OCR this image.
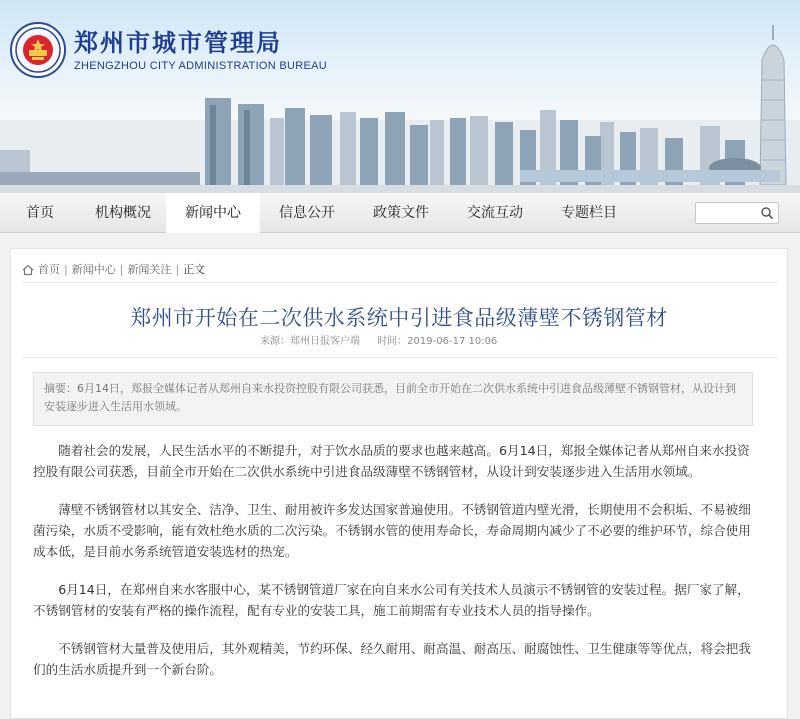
郑州市城市管理局
ZHENGZHOU CITY ADMINISTRATION BUREAU
首页	机构概况	新闻中心	信息公开	政策文件	交流互动	专题栏目
首页 | 新闻中心 | 新闻关注 | 正文
郑州市开始在二次供水系统中引进食品级薄壁不锈钢管材
来源：郑州日报客户端 时间：2019-06-17 10:06
摘要：6月14日，郑报全媒体记者从郑州自来水投资控股有限公司获悉，目前全市开始在二次供水系统中引进食品级薄壁不锈钢管材，从设计到安装逐步进入生活用水领域。

随着社会的发展，人民生活水平的不断提升，对于饮水品质的要求也越来越高。6月14日，郑报全媒体记者从郑州自来水投资控股有限公司获悉，目前全市开始在二次供水系统中引进食品级薄壁不锈钢管材，从设计到安装逐步进入生活用水领域。

薄壁不锈钢管材以其安全、洁净、卫生、耐用被许多发达国家普遍使用。不锈钢管道内壁光滑，长期使用不会积垢、不易被细菌污染，水质不受影响，能有效杜绝水质的二次污染。不锈钢水管的使用寿命长，寿命周期内减少了不必要的维护环节，综合使用成本低，是目前水务系统管道安装选材的热宠。

6月14日，在郑州自来水客服中心，某不锈钢管道厂家在向自来水公司有关技术人员演示不锈钢管的安装过程。据厂家了解，不锈钢管材的安装有严格的操作流程，配有专业的安装工具，施工前期需有专业技术人员的指导操作。

不锈钢管材大量普及使用后，其外观精美，节约环保、经久耐用、耐高温、耐高压、耐腐蚀性、卫生健康等等优点，将会把我们的生活水质提升到一个新台阶。
